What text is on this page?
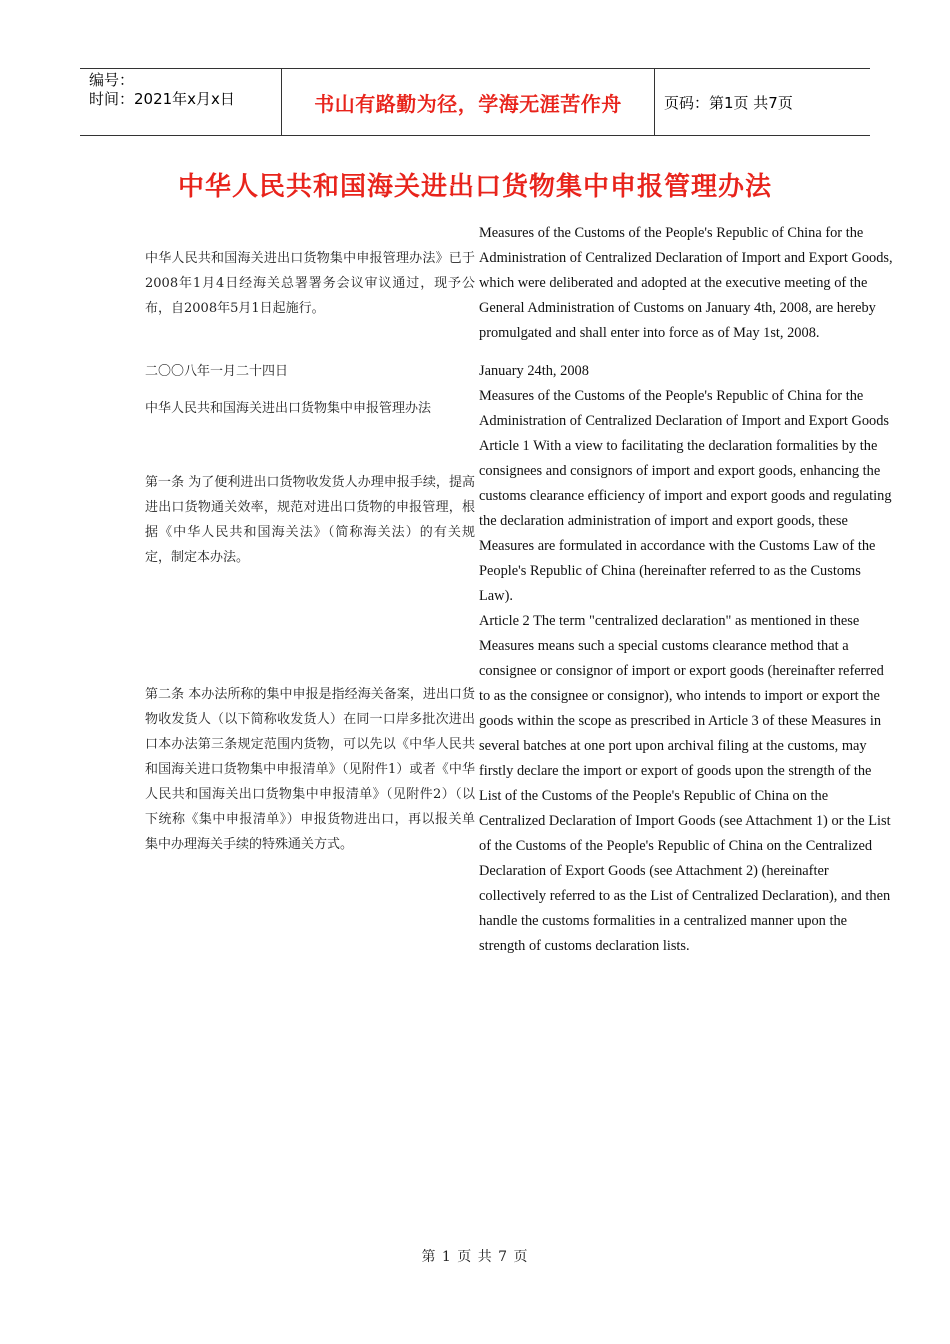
编号：
时间：2021年x月x日	书山有路勤为径，学海无涯苦作舟	页码：第1页 共7页
中华人民共和国海关进出口货物集中申报管理办法
中华人民共和国海关进出口货物集中申报管理办法》已于2008年1月4日经海关总署署务会议审议通过，现予公布，自2008年5月1日起施行。
二〇〇八年一月二十四日
中华人民共和国海关进出口货物集中申报管理办法
第一条 为了便利进出口货物收发货人办理申报手续，提高进出口货物通关效率，规范对进出口货物的申报管理，根据《中华人民共和国海关法》（简称海关法）的有关规定，制定本办法。
第二条 本办法所称的集中申报是指经海关备案，进出口货物收发货人（以下简称收发货人）在同一口岸多批次进出口本办法第三条规定范围内货物，可以先以《中华人民共和国海关进口货物集中申报清单》（见附件1）或者《中华人民共和国海关出口货物集中申报清单》（见附件2）（以下统称《集中申报清单》）申报货物进出口，再以报关单集中办理海关手续的特殊通关方式。

Measures of the Customs of the People's Republic of China for the Administration of Centralized Declaration of Import and Export Goods, which were deliberated and adopted at the executive meeting of the General Administration of Customs on January 4th, 2008, are hereby promulgated and shall enter into force as of May 1st, 2008.

January 24th, 2008

Measures of the Customs of the People's Republic of China for the Administration of Centralized Declaration of Import and Export Goods

Article 1 With a view to facilitating the declaration formalities by the consignees and consignors of import and export goods, enhancing the customs clearance efficiency of import and export goods and regulating the declaration administration of import and export goods, these Measures are formulated in accordance with the Customs Law of the People's Republic of China (hereinafter referred to as the Customs Law).

Article 2 The term "centralized declaration" as mentioned in these Measures means such a special customs clearance method that a consignee or consignor of import or export goods (hereinafter referred to as the consignee or consignor), who intends to import or export the goods within the scope as prescribed in Article 3 of these Measures in several batches at one port upon archival filing at the customs, may firstly declare the import or export of goods upon the strength of the List of the Customs of the People's Republic of China on the Centralized Declaration of Import Goods (see Attachment 1) or the List of the Customs of the People's Republic of China on the Centralized Declaration of Export Goods (see Attachment 2) (hereinafter collectively referred to as the List of Centralized Declaration), and then handle the customs formalities in a centralized manner upon the strength of customs declaration lists.

第 1 页 共 7 页
